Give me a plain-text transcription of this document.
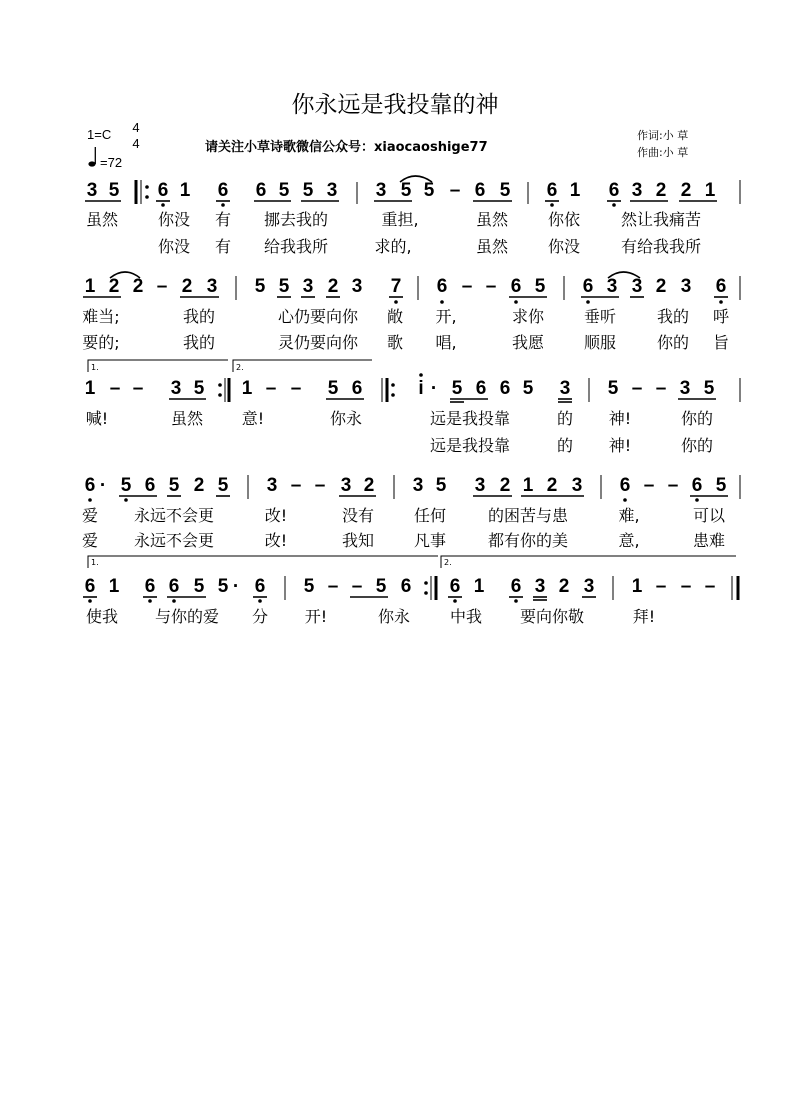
你永远是我投靠的神
1=C 4
4
=72
请关注小草诗歌微信公众号：xiaocaoshige77
作词:小 草
作曲:小 草
3 5 6 1 6 6 5 5 3 3 5 5 – 6 5 6 1 6 3 2 2 1
虽然 你没 有 挪去我的	重担,	虽然 你依	然让我痛苦
你没 有 给我我所	求的,	虽然 你没	有给我我所
1 2 2 – 2 3 5 5 3 2 3 7 6 – – 6 5 6 3 3 2 3 6
难当;	我的	心仍要向你 敞 开,	求你 垂听	我的 呼
要的;	我的	灵仍要向你 歌 唱,	我愿 顺服	你的 旨
1.	2.
1 – – 3 5 1 – – 5 6	i · 5 6 6 5 3 5 – – 3 5
喊!	虽然 意!	你永	远是我投靠	的 神!	你的
远是我投靠	的 神!	你的
6 · 5 6 5 2 5 3 – – 3 2 3 5 3 2 1 2 3 6 – – 6 5
爱 永远不会更	改!	没有 任何	的困苦与患	难,	可以
爱 永远不会更	改!	我知 凡事	都有你的美	意,	患难
1.	2.
6 1 6 6 5 5 · 6 5 – – 5 6 6 1 6 3 2 3 1 – – –
使我 与你的爱 分 开!	你永 中我 要向你敬	拜!
